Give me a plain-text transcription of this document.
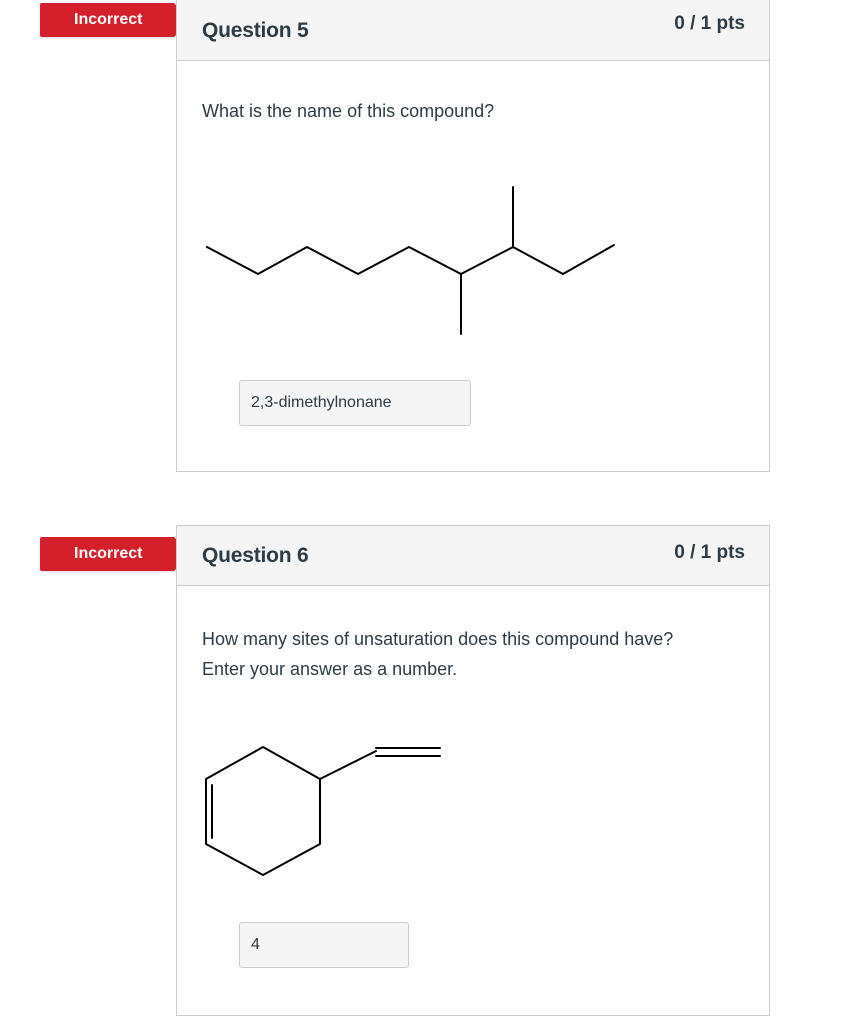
Incorrect	Question 5	0 / 1 pts
What is the name of this compound?
2,3-dimethylnonane
Incorrect	Question 6	0 / 1 pts
How many sites of unsaturation does this compound have?
Enter your answer as a number.
4
